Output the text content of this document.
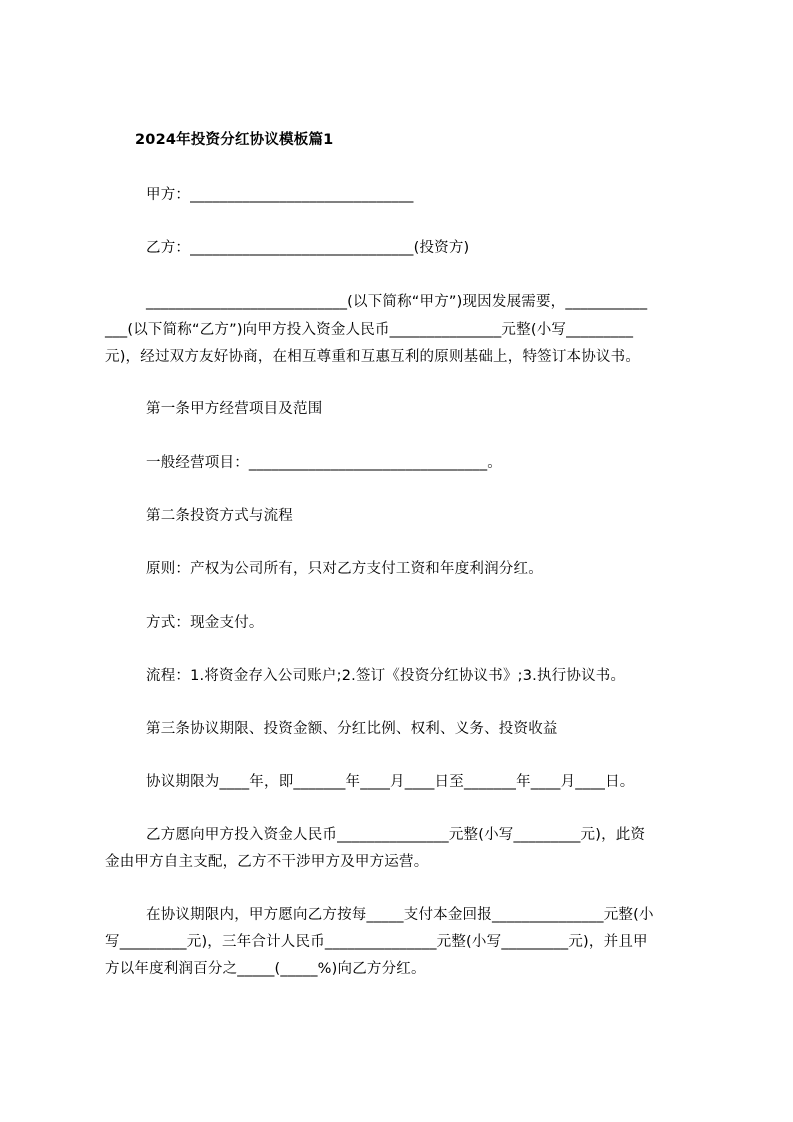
2024年投资分红协议模板篇1
甲方：______________________________
乙方：______________________________(投资方)
___________________________(以下简称“甲方”)现因发展需要，___________
___(以下简称“乙方”)向甲方投入资金人民币_______________元整(小写_________
元)，经过双方友好协商，在相互尊重和互惠互利的原则基础上，特签订本协议书。
第一条甲方经营项目及范围
一般经营项目：________________________________。
第二条投资方式与流程
原则：产权为公司所有，只对乙方支付工资和年度利润分红。
方式：现金支付。
流程：1.将资金存入公司账户;2.签订《投资分红协议书》;3.执行协议书。
第三条协议期限、投资金额、分红比例、权利、义务、投资收益
协议期限为____年，即_______年____月____日至_______年____月____日。
乙方愿向甲方投入资金人民币_______________元整(小写_________元)，此资
金由甲方自主支配，乙方不干涉甲方及甲方运营。
在协议期限内，甲方愿向乙方按每_____支付本金回报_______________元整(小
写_________元)，三年合计人民币_______________元整(小写_________元)，并且甲
方以年度利润百分之_____(_____%)向乙方分红。
